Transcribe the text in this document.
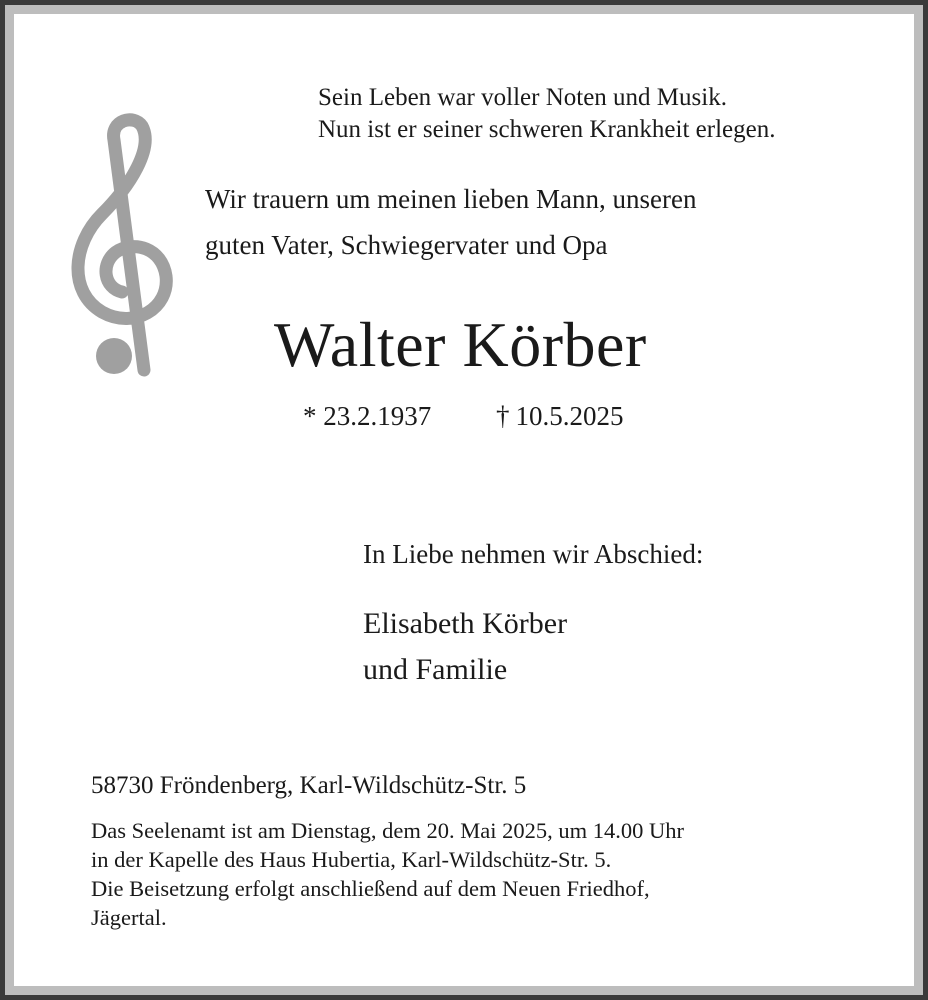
Sein Leben war voller Noten und Musik.
Nun ist er seiner schweren Krankheit erlegen.
Wir trauern um meinen lieben Mann, unseren
guten Vater, Schwiegervater und Opa
Walter Körber
* 23.2.1937 † 10.5.2025
In Liebe nehmen wir Abschied:
Elisabeth Körber
und Familie
58730 Fröndenberg, Karl-Wildschütz-Str. 5
Das Seelenamt ist am Dienstag, dem 20. Mai 2025, um 14.00 Uhr
in der Kapelle des Haus Hubertia, Karl-Wildschütz-Str. 5.
Die Beisetzung erfolgt anschließend auf dem Neuen Friedhof,
Jägertal.
